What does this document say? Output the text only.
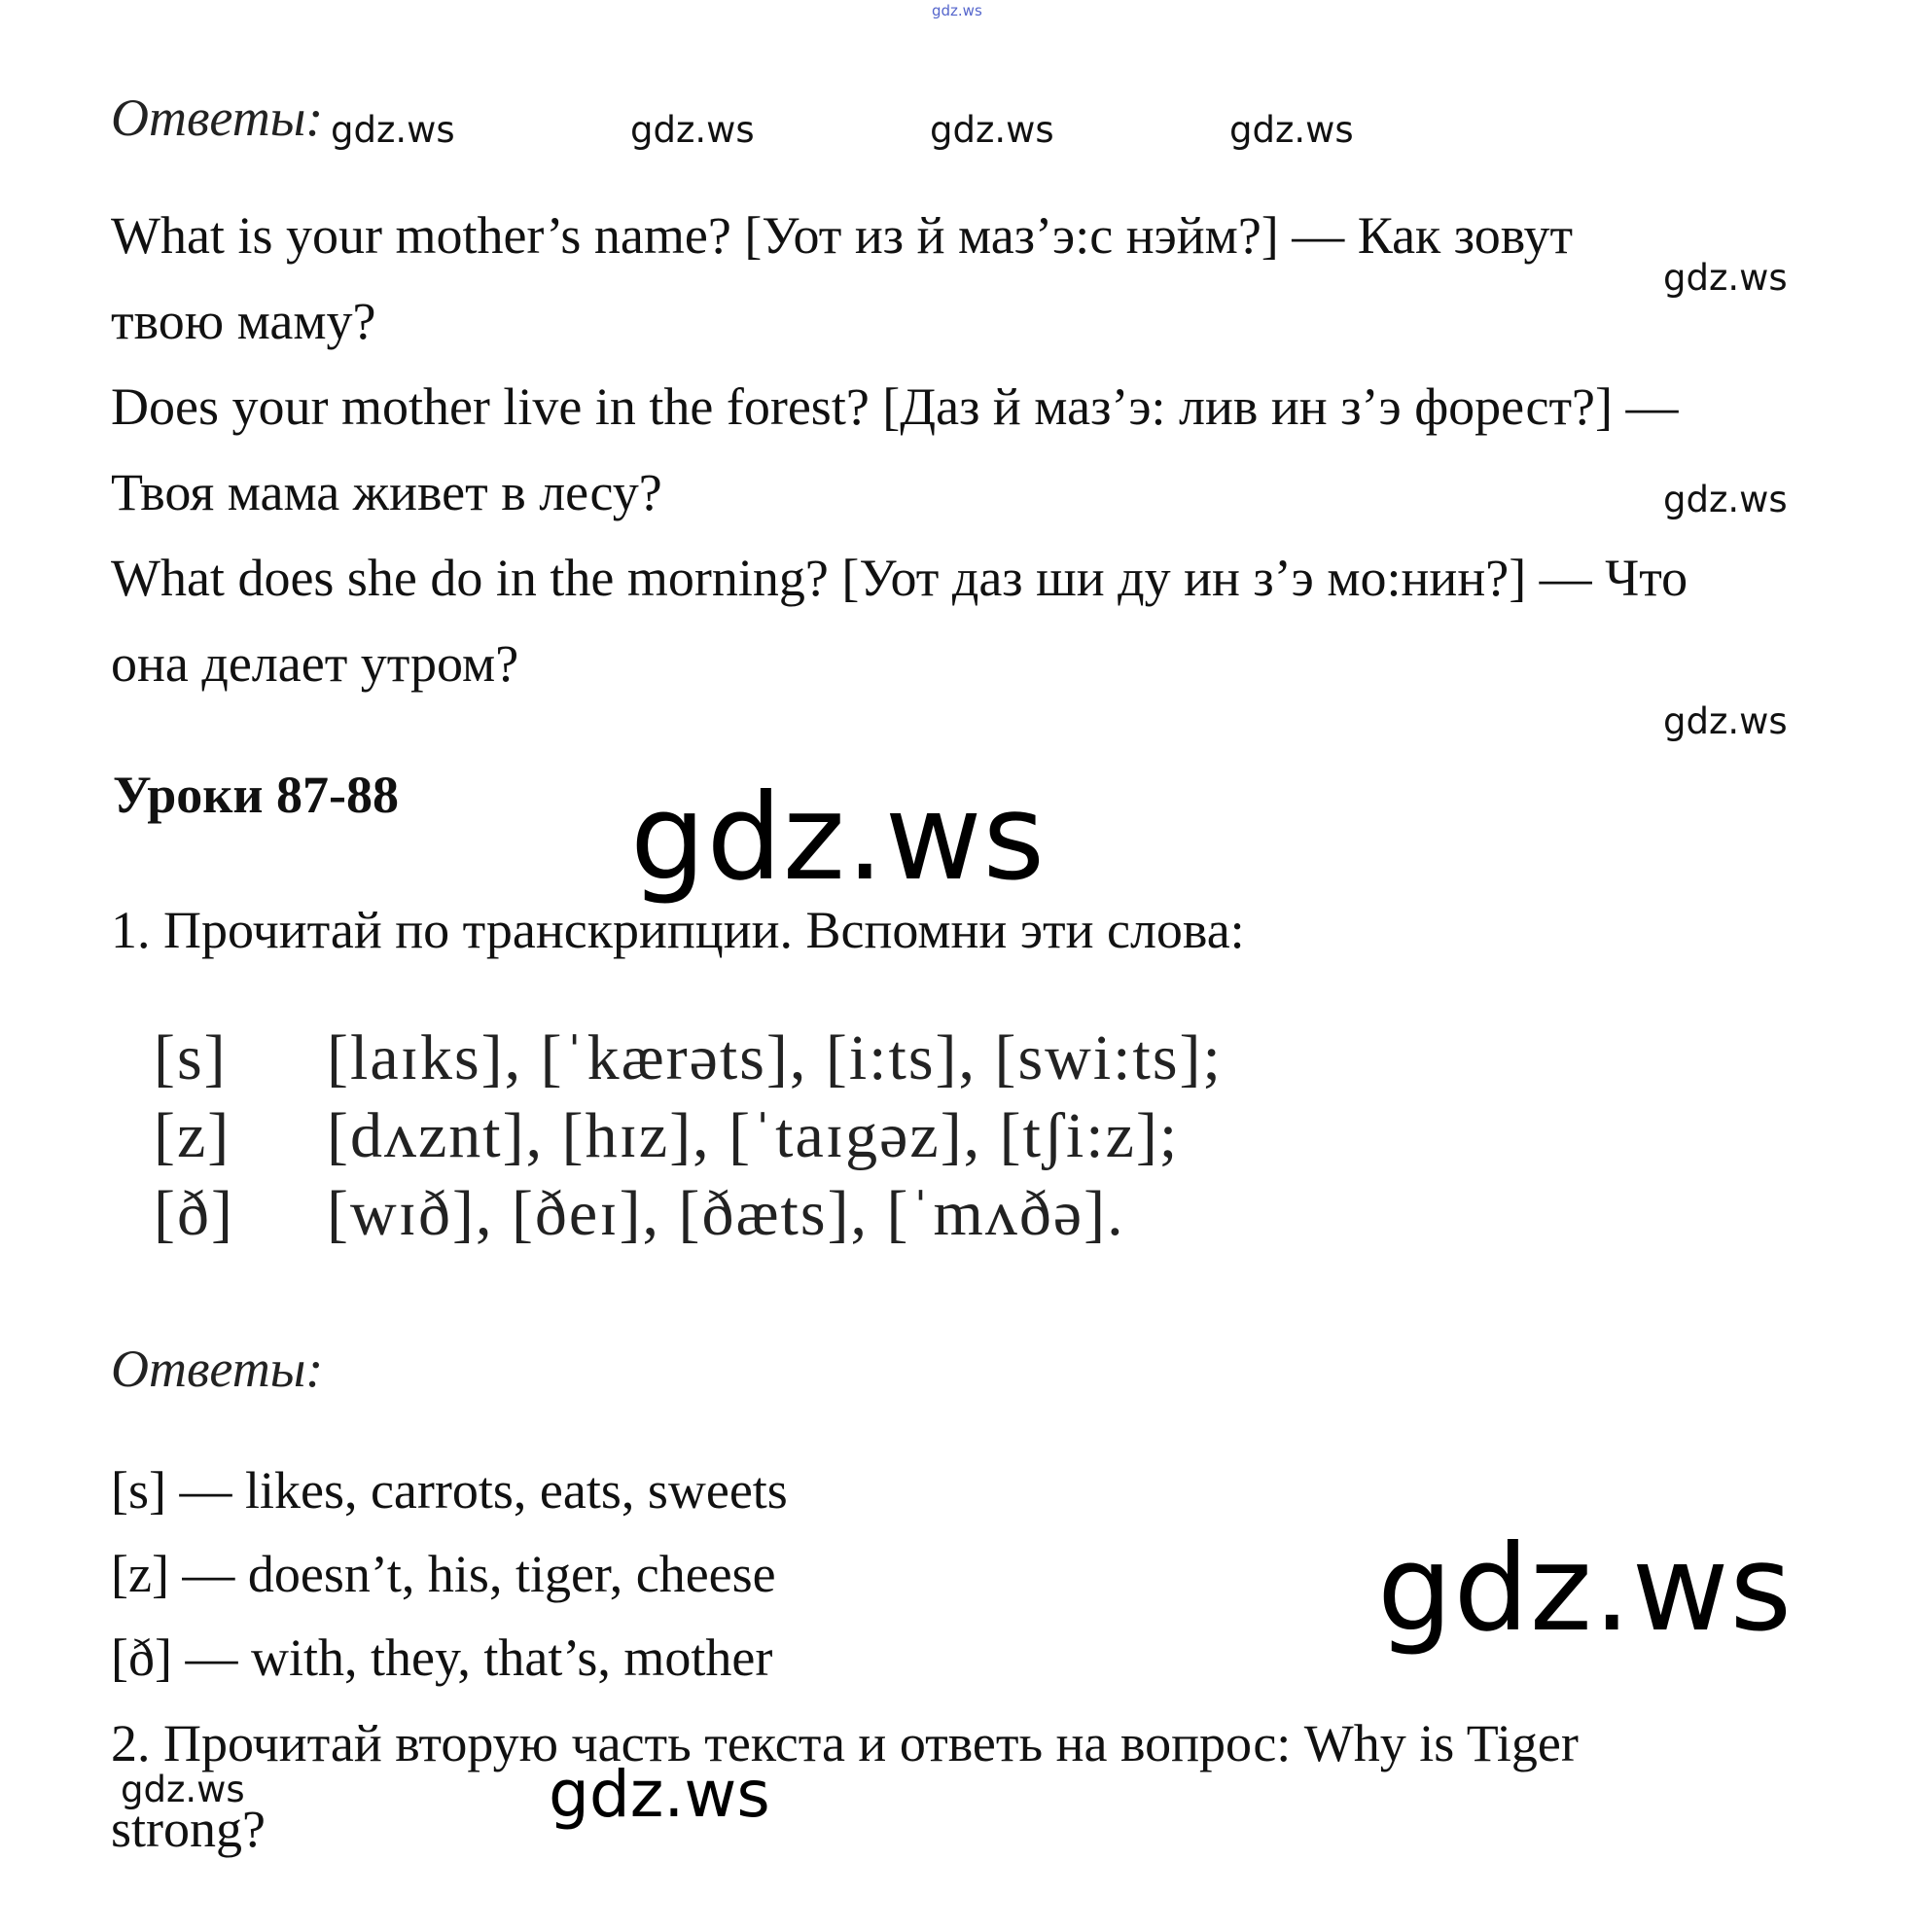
gdz.ws
Ответы: gdz.ws	gdz.ws	gdz.ws	gdz.ws
What is your mother’s name? [Уот из й маз’э:с нэйм?] — Как зовут
твою маму?
Does your mother live in the forest? [Даз й маз’э: лив ин з’э форест?] —
Твоя мама живет в лесу?
What does she do in the morning? [Уот даз ши ду ин з’э мо:нин?] — Что
она делает утром?
gdz.ws
gdz.ws
gdz.ws
Уроки 87-88 gdz.ws
1. Прочитай по транскрипции. Вспомни эти слова:
[s] [laɪks], [ˈkærəts], [i:ts], [swi:ts];
[z] [dʌznt], [hɪz], [ˈtaɪgəz], [tʃi:z];
[ð] [wɪð], [ðeɪ], [ðæts], [ˈmʌðə].
Ответы:
[s] — likes, carrots, eats, sweets
[z] — doesn’t, his, tiger, cheese
[ð] — with, they, that’s, mother	gdz.ws
2. Прочитай вторую часть текста и ответь на вопрос: Why is Tiger
strong?
gdz.ws	gdz.ws
